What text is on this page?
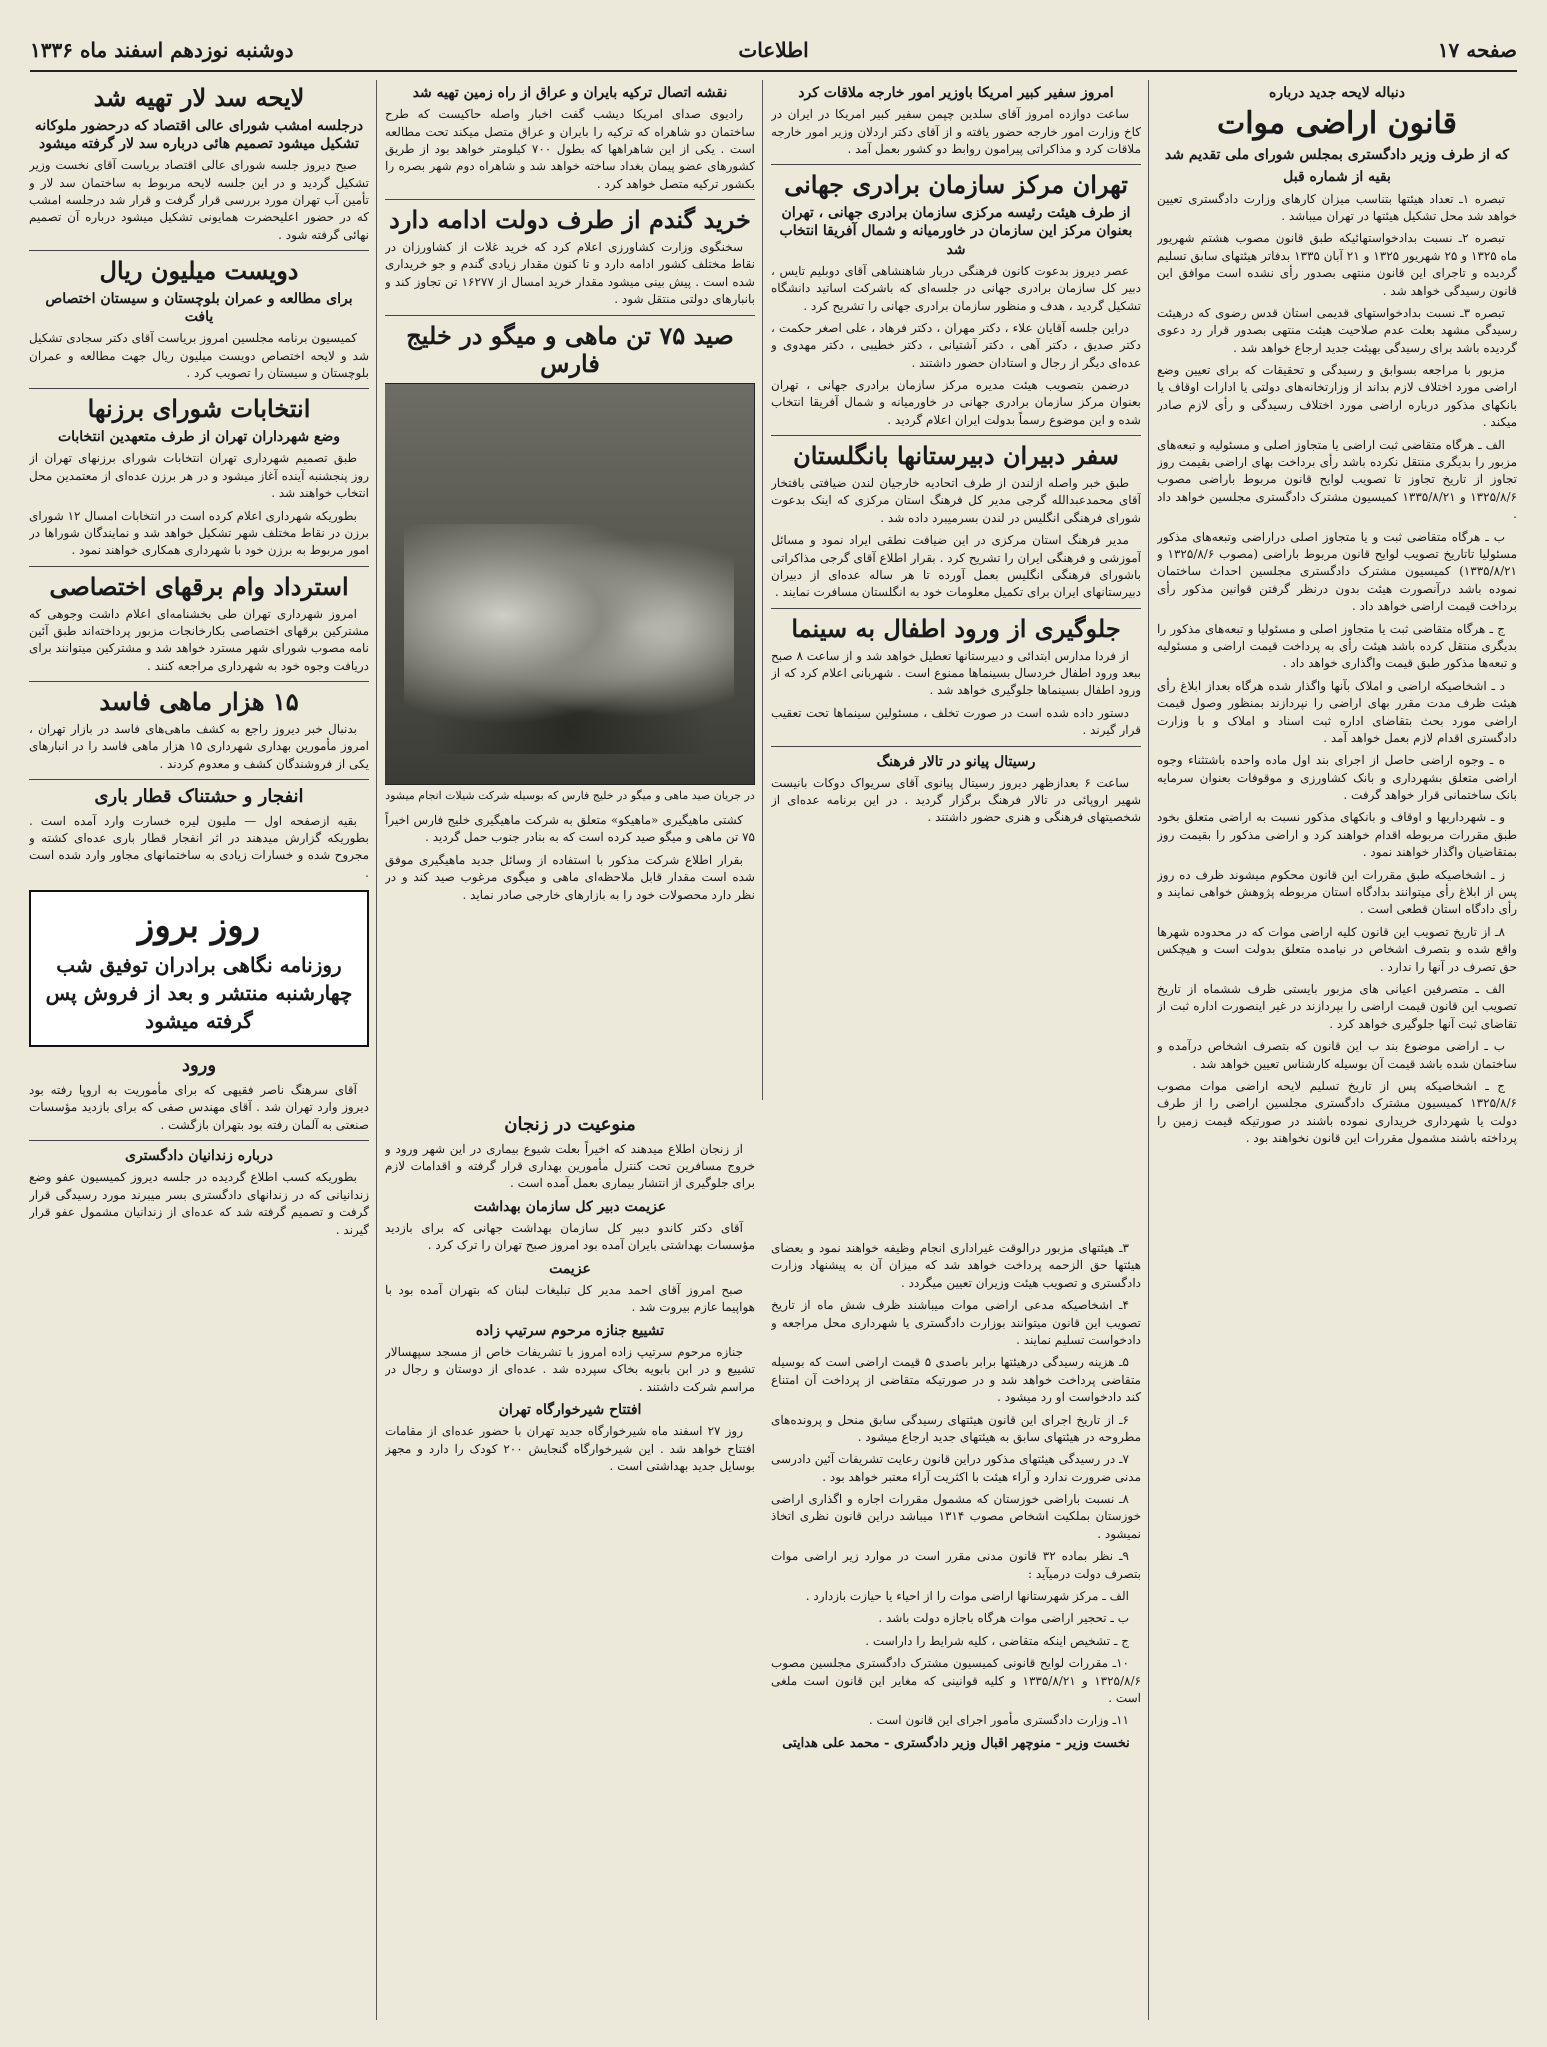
صفحه ۱۷
اطلاعات
دوشنبه نوزدهم اسفند ماه ۱۳۳۶
دنباله لایحه جدید درباره
قانون اراضی موات
که از طرف وزیر دادگستری بمجلس شورای ملی تقدیم شد
بقیه از شماره قبل

تبصره ۱ـ تعداد هیئتها بتناسب میزان کارهای وزارت دادگستری تعیین خواهد شد محل تشکیل هیئتها در تهران میباشد .

تبصره ۲ـ نسبت بدادخواستهائیکه طبق قانون مصوب هشتم شهریور ماه ۱۳۲۵ و ۲۵ شهریور ۱۳۲۵ و ۲۱ آبان ۱۳۳۵ بدفاتر هیئتهای سابق تسلیم گردیده و تاجرای این قانون منتهی بصدور رأی نشده است موافق این قانون رسیدگی خواهد شد .

تبصره ۳ـ نسبت بدادخواستهای قدیمی استان قدس رضوی که درهیئت رسیدگی مشهد بعلت عدم صلاحیت هیئت منتهی بصدور قرار رد دعوی گردیده باشد برای رسیدگی بهیئت جدید ارجاع خواهد شد .

مزبور با مراجعه بسوابق و رسیدگی و تحقیقات که برای تعیین وضع اراضی مورد اختلاف لازم بداند از وزارتخانه‌های دولتی یا ادارات اوقاف یا بانکهای مذکور درباره اراضی مورد اختلاف رسیدگی و رأی لازم صادر میکند .

الف ـ هرگاه متقاضی ثبت اراضی یا متجاوز اصلی و مسئولیه و تبعه‌های مزبور را بدیگری منتقل نکرده باشد رأی برداخت بهای اراضی بقیمت روز تجاوز از تاریخ تجاوز تا تصویب لوایح قانون مربوط باراضی مصوب ۱۳۲۵/۸/۶ و ۱۳۳۵/۸/۲۱ کمیسیون مشترک دادگستری مجلسین خواهد داد .

ب ـ هرگاه متقاضی ثبت و یا متجاوز اصلی دراراضی وتبعه‌های مذکور مسئولیا تاتاریخ تصویب لوایح قانون مربوط باراضی (مصوب ۱۳۲۵/۸/۶ و ۱۳۳۵/۸/۲۱) کمیسیون مشترک دادگستری مجلسین احداث ساختمان نموده باشد درآنصورت هیئت بدون درنظر گرفتن قوانین مذکور رأی برداخت قیمت اراضی خواهد داد .

ج ـ هرگاه متقاضی ثبت یا متجاوز اصلی و مسئولیا و تبعه‌های مذکور را بدیگری منتقل کرده باشد هیئت رأی به پرداخت قیمت اراضی و مسئولیه و تبعه‌ها مذکور طبق قیمت واگذاری خواهد داد .

د ـ اشخاصیکه اراضی و املاک بآنها واگذار شده هرگاه بعداز ابلاغ رأی هیئت ظرف مدت مقرر بهای اراضی را نپردازند بمنظور وصول قیمت اراضی مورد بحث بتقاضای اداره ثبت اسناد و املاک و با وزارت دادگستری اقدام لازم بعمل خواهد آمد .

ه ـ وجوه اراضی حاصل از اجرای بند اول ماده واحده باشتثناء وجوه اراضی متعلق بشهرداری و بانک کشاورزی و موقوفات بعنوان سرمایه بانک ساختمانی قرار خواهد گرفت .

و ـ شهرداریها و اوقاف و بانکهای مذکور نسبت به اراضی متعلق بخود طبق مقررات مربوطه اقدام خواهند کرد و اراضی مذکور را بقیمت روز بمتقاضیان واگذار خواهند نمود .

ز ـ اشخاصیکه طبق مقررات این قانون محکوم میشوند ظرف ده روز پس از ابلاغ رأی میتوانند بدادگاه استان مربوطه پژوهش خواهی نمایند و رأی دادگاه استان قطعی است .

۸ـ از تاریخ تصویب این قانون کلیه اراضی موات که در محدوده شهرها واقع شده و بتصرف اشخاص در نیامده متعلق بدولت است و هیچکس حق تصرف در آنها را ندارد .

الف ـ متصرفین اعیانی های مزبور بایستی ظرف ششماه از تاریخ تصویب این قانون قیمت اراضی را بپردازند در غیر اینصورت اداره ثبت از تقاضای ثبت آنها جلوگیری خواهد کرد .

ب ـ اراضی موضوع بند ب این قانون که بتصرف اشخاص درآمده و ساختمان شده باشد قیمت آن بوسیله کارشناس تعیین خواهد شد .

ج ـ اشخاصیکه پس از تاریخ تسلیم لایحه اراضی موات مصوب ۱۳۲۵/۸/۶ کمیسیون مشترک دادگستری مجلسین اراضی را از طرف دولت یا شهرداری خریداری نموده باشند در صورتیکه قیمت زمین را پرداخته باشند مشمول مقررات این قانون نخواهند بود .

امروز سفیر کبیر امریکا باوزیر امور خارجه ملاقات کرد

ساعت دوازده امروز آقای سلدین چپمن سفیر کبیر امریکا در ایران در کاخ وزارت امور خارجه حضور یافته و از آقای دکتر اردلان وزیر امور خارجه ملاقات کرد و مذاکراتی پیرامون روابط دو کشور بعمل آمد .

تهران مرکز سازمان برادری جهانی
از طرف هیئت رئیسه مرکزی سازمان برادری جهانی ، تهران بعنوان مرکز این سازمان در خاورمیانه و شمال آفریقا انتخاب شد

عصر دیروز بدعوت کانون فرهنگی دربار شاهنشاهی آقای دوبلیم تایس ، دبیر کل سازمان برادری جهانی در جلسه‌ای که باشرکت اساتید دانشگاه تشکیل گردید ، هدف و منظور سازمان برادری جهانی را تشریح کرد .

دراین جلسه آقایان علاء ، دکتر مهران ، دکتر فرهاد ، علی اصغر حکمت ، دکتر صدیق ، دکتر آهی ، دکتر آشتیانی ، دکتر خطیبی ، دکتر مهدوی و عده‌ای دیگر از رجال و استادان حضور داشتند .

درضمن بتصویب هیئت مدیره مرکز سازمان برادری جهانی ، تهران بعنوان مرکز سازمان برادری جهانی در خاورمیانه و شمال آفریقا انتخاب شده و این موضوع رسماً بدولت ایران اعلام گردید .

سفر دبیران دبیرستانها بانگلستان

طبق خبر واصله ازلندن از طرف اتحادیه خارجیان لندن ضیافتی بافتخار آقای محمدعبدالله گرجی مدیر کل فرهنگ استان مرکزی که اینک بدعوت شورای فرهنگی انگلیس در لندن بسرمیبرد داده شد .

مدیر فرهنگ استان مرکزی در این ضیافت نطقی ایراد نمود و مسائل آموزشی و فرهنگی ایران را تشریح کرد . بقرار اطلاع آقای گرجی مذاکراتی باشورای فرهنگی انگلیس بعمل آورده تا هر ساله عده‌ای از دبیران دبیرستانهای ایران برای تکمیل معلومات خود به انگلستان مسافرت نمایند .

جلوگیری از ورود اطفال به سینما

از فردا مدارس ابتدائی و دبیرستانها تعطیل خواهد شد و از ساعت ۸ صبح ببعد ورود اطفال خردسال بسینماها ممنوع است . شهربانی اعلام کرد که از ورود اطفال بسینماها جلوگیری خواهد شد .

دستور داده شده است در صورت تخلف ، مسئولین سینماها تحت تعقیب قرار گیرند .

رسیتال پیانو در تالار فرهنگ

ساعت ۶ بعدازظهر دیروز رسیتال پیانوی آقای سریواک دوکات بانیست شهیر اروپائی در تالار فرهنگ برگزار گردید . در این برنامه عده‌ای از شخصیتهای فرهنگی و هنری حضور داشتند .

نقشه اتصال ترکیه بایران و عراق از راه زمین تهیه شد

رادیوی صدای امریکا دیشب گفت اخبار واصله حاکیست که طرح ساختمان دو شاهراه که ترکیه را بایران و عراق متصل میکند تحت مطالعه است . یکی از این شاهراهها که بطول ۷۰۰ کیلومتر خواهد بود از طریق کشورهای عضو پیمان بغداد ساخته خواهد شد و شاهراه دوم شهر بصره را بکشور ترکیه متصل خواهد کرد .

خرید گندم از طرف دولت ادامه دارد

سخنگوی وزارت کشاورزی اعلام کرد که خرید غلات از کشاورزان در نقاط مختلف کشور ادامه دارد و تا کنون مقدار زیادی گندم و جو خریداری شده است . پیش بینی میشود مقدار خرید امسال از ۱۶۲۷۷ تن تجاوز کند و بانبارهای دولتی منتقل شود .

صید ۷۵ تن ماهی و میگو در خلیج فارس
در جریان صید ماهی و میگو در خلیج فارس که بوسیله شرکت شیلات انجام میشود

کشتی ماهیگیری «ماهیکو» متعلق به شرکت ماهیگیری خلیج فارس اخیراً ۷۵ تن ماهی و میگو صید کرده است که به بنادر جنوب حمل گردید .

بقرار اطلاع شرکت مذکور با استفاده از وسائل جدید ماهیگیری موفق شده است مقدار قابل ملاحظه‌ای ماهی و میگوی مرغوب صید کند و در نظر دارد محصولات خود را به بازارهای خارجی صادر نماید .

۳ـ هیئتهای مزبور درالوقت غیراداری انجام وظیفه خواهند نمود و بعضای هیئتها حق الزحمه پرداخت خواهد شد که میزان آن به پیشنهاد وزارت دادگستری و تصویب هیئت وزیران تعیین میگردد .

۴ـ اشخاصیکه مدعی اراضی موات میباشند ظرف شش ماه از تاریخ تصویب این قانون میتوانند بوزارت دادگستری یا شهرداری محل مراجعه و دادخواست تسلیم نمایند .

۵ـ هزینه رسیدگی درهیئتها برابر باصدی ۵ قیمت اراضی است که بوسیله متقاضی پرداخت خواهد شد و در صورتیکه متقاضی از پرداخت آن امتناع کند دادخواست او رد میشود .

۶ـ از تاریخ اجرای این قانون هیئتهای رسیدگی سابق منحل و پرونده‌های مطروحه در هیئتهای سابق به هیئتهای جدید ارجاع میشود .

۷ـ در رسیدگی هیئتهای مذکور دراین قانون رعایت تشریفات آئین دادرسی مدنی ضرورت ندارد و آراء هیئت با اکثریت آراء معتبر خواهد بود .

۸ـ نسبت باراضی خوزستان که مشمول مقررات اجاره و اگذاری اراضی خوزستان بملکیت اشخاص مصوب ۱۳۱۴ میباشد دراین قانون نظری اتخاذ نمیشود .

۹ـ نظر بماده ۳۲ قانون مدنی مقرر است در موارد زیر اراضی موات بتصرف دولت درمیآید :

الف ـ مرکز شهرستانها اراضی موات را از احیاء یا حیازت بازدارد .

ب ـ تحجیر اراضی موات هرگاه باجازه دولت باشد .

ج ـ تشخیص اینکه متقاضی ، کلیه شرایط را داراست .

۱۰ـ مقررات لوایح قانونی کمیسیون مشترک دادگستری مجلسین مصوب ۱۳۲۵/۸/۶ و ۱۳۳۵/۸/۲۱ و کلیه قوانینی که مغایر این قانون است ملغی است .

۱۱ـ وزارت دادگستری مأمور اجرای این قانون است .

نخست وزیر - منوچهر اقبال وزیر دادگستری - محمد علی هدایتی
منوعیت در زنجان

از زنجان اطلاع میدهند که اخیراً بعلت شیوع بیماری در این شهر ورود و خروج مسافرین تحت کنترل مأمورین بهداری قرار گرفته و اقدامات لازم برای جلوگیری از انتشار بیماری بعمل آمده است .

عزیمت دبیر کل سازمان بهداشت

آقای دکتر کاندو دبیر کل سازمان بهداشت جهانی که برای بازدید مؤسسات بهداشتی بایران آمده بود امروز صبح تهران را ترک کرد .

عزیمت

صبح امروز آقای احمد مدیر کل تبلیغات لبنان که بتهران آمده بود با هواپیما عازم بیروت شد .

تشییع جنازه مرحوم سرتیپ زاده

جنازه مرحوم سرتیپ زاده امروز با تشریفات خاص از مسجد سپهسالار تشییع و در ابن بابویه بخاک سپرده شد . عده‌ای از دوستان و رجال در مراسم شرکت داشتند .

افتتاح شیرخوارگاه تهران

روز ۲۷ اسفند ماه شیرخوارگاه جدید تهران با حضور عده‌ای از مقامات افتتاح خواهد شد . این شیرخوارگاه گنجایش ۲۰۰ کودک را دارد و مجهز بوسایل جدید بهداشتی است .

لایحه سد لار تهیه شد
درجلسه امشب شورای عالی اقتصاد که درحضور ملوکانه تشکیل میشود تصمیم هائی درباره سد لار گرفته میشود

صبح دیروز جلسه شورای عالی اقتصاد بریاست آقای نخست وزیر تشکیل گردید و در این جلسه لایحه مربوط به ساختمان سد لار و تأمین آب تهران مورد بررسی قرار گرفت و قرار شد درجلسه امشب که در حضور اعلیحضرت همایونی تشکیل میشود درباره آن تصمیم نهائی گرفته شود .

دویست میلیون ریال
برای مطالعه و عمران بلوچستان و سیستان اختصاص یافت

کمیسیون برنامه مجلسین امروز بریاست آقای دکتر سجادی تشکیل شد و لایحه اختصاص دویست میلیون ریال جهت مطالعه و عمران بلوچستان و سیستان را تصویب کرد .

انتخابات شورای برزنها
وضع شهرداران تهران از طرف متعهدین انتخابات

طبق تصمیم شهرداری تهران انتخابات شورای برزنهای تهران از روز پنجشنبه آینده آغاز میشود و در هر برزن عده‌ای از معتمدین محل انتخاب خواهند شد .

بطوریکه شهرداری اعلام کرده است در انتخابات امسال ۱۲ شورای برزن در نقاط مختلف شهر تشکیل خواهد شد و نمایندگان شوراها در امور مربوط به برزن خود با شهرداری همکاری خواهند نمود .

استرداد وام برقهای اختصاصی

امروز شهرداری تهران طی بخشنامه‌ای اعلام داشت وجوهی که مشترکین برقهای اختصاصی بکارخانجات مزبور پرداخته‌اند طبق آئین نامه مصوب شورای شهر مسترد خواهد شد و مشترکین میتوانند برای دریافت وجوه خود به شهرداری مراجعه کنند .

۱۵ هزار ماهی فاسد

بدنبال خبر دیروز راجع به کشف ماهی‌های فاسد در بازار تهران ، امروز مأمورین بهداری شهرداری ۱۵ هزار ماهی فاسد را در انبارهای یکی از فروشندگان کشف و معدوم کردند .

انفجار و حشتناک قطار باری

بقیه ازصفحه اول — ملیون لیره خسارت وارد آمده است . بطوریکه گزارش میدهند در اثر انفجار قطار باری عده‌ای کشته و مجروح شده و خسارات زیادی به ساختمانهای مجاور وارد شده است .

روز بروز
روزنامه نگاهی برادران توفیق شب چهارشنبه منتشر و بعد از فروش پس گرفته میشود
ورود

آقای سرهنگ ناصر فقیهی که برای مأموریت به اروپا رفته بود دیروز وارد تهران شد . آقای مهندس صفی که برای بازدید مؤسسات صنعتی به آلمان رفته بود بتهران بازگشت .

درباره زندانیان دادگستری

بطوریکه کسب اطلاع گردیده در جلسه دیروز کمیسیون عفو وضع زندانیانی که در زندانهای دادگستری بسر میبرند مورد رسیدگی قرار گرفت و تصمیم گرفته شد که عده‌ای از زندانیان مشمول عفو قرار گیرند .
